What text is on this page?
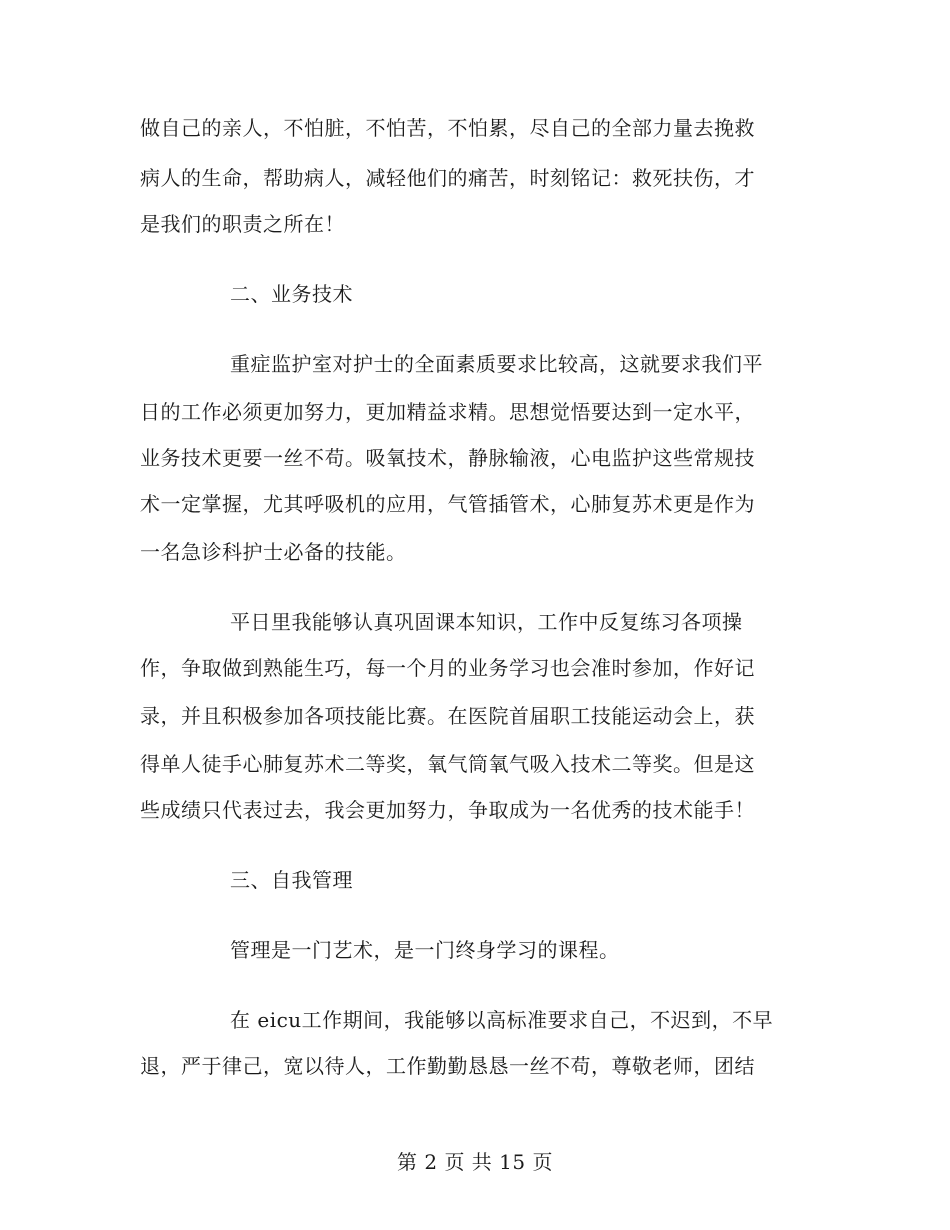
做自己的亲人，不怕脏，不怕苦，不怕累，尽自己的全部力量去挽救
病人的生命，帮助病人，减轻他们的痛苦，时刻铭记：救死扶伤，才
是我们的职责之所在！
二、业务技术
重症监护室对护士的全面素质要求比较高，这就要求我们平
日的工作必须更加努力，更加精益求精。思想觉悟要达到一定水平，
业务技术更要一丝不苟。吸氧技术，静脉输液，心电监护这些常规技
术一定掌握，尤其呼吸机的应用，气管插管术，心肺复苏术更是作为
一名急诊科护士必备的技能。
平日里我能够认真巩固课本知识，工作中反复练习各项操
作，争取做到熟能生巧，每一个月的业务学习也会准时参加，作好记
录，并且积极参加各项技能比赛。在医院首届职工技能运动会上，获
得单人徒手心肺复苏术二等奖，氧气筒氧气吸入技术二等奖。但是这
些成绩只代表过去，我会更加努力，争取成为一名优秀的技术能手！
三、自我管理
管理是一门艺术，是一门终身学习的课程。
在 eicu工作期间，我能够以高标准要求自己，不迟到，不早
退，严于律己，宽以待人，工作勤勤恳恳一丝不苟，尊敬老师，团结
第 2 页 共 15 页
